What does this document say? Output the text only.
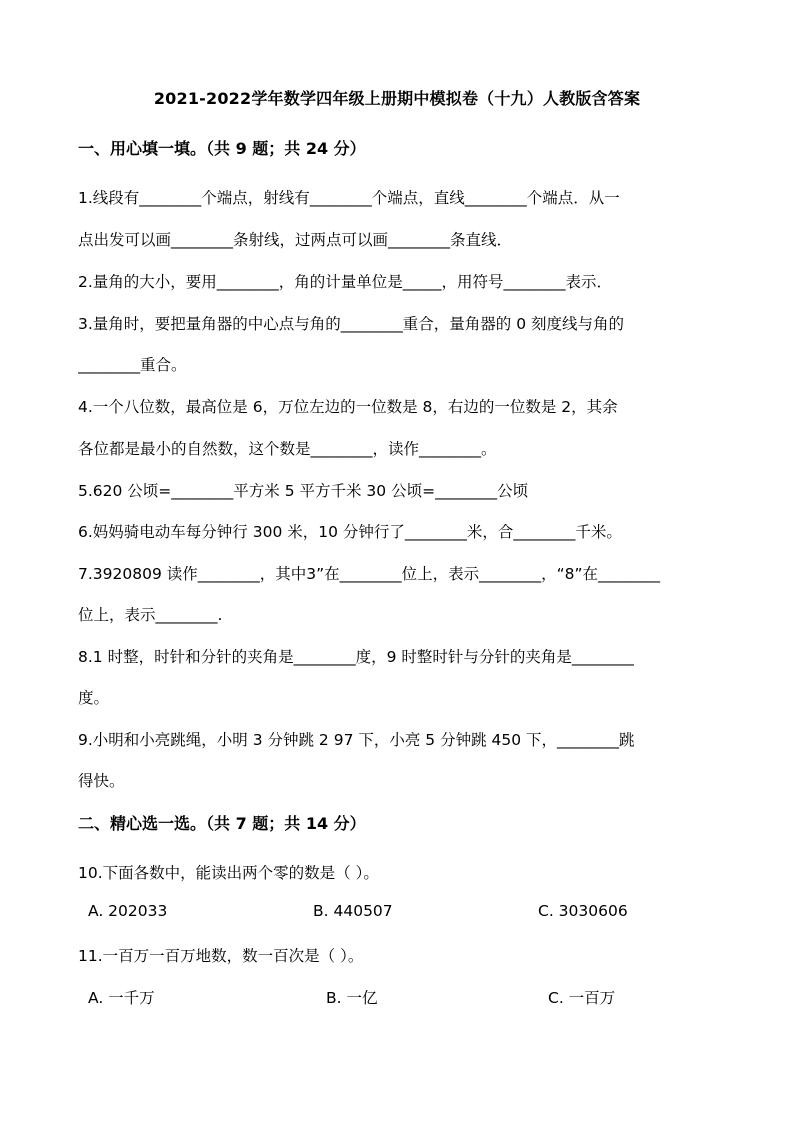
2021-2022学年数学四年级上册期中模拟卷（十九）人教版含答案
一、用心填一填。（共 9 题；共 24 分）
1.线段有________个端点，射线有________个端点，直线________个端点．从一
点出发可以画________条射线，过两点可以画________条直线．
2.量角的大小，要用________，角的计量单位是_____，用符号________表示．
3.量角时，要把量角器的中心点与角的________重合，量角器的 0 刻度线与角的
________重合。
4.一个八位数，最高位是 6，万位左边的一位数是 8，右边的一位数是 2，其余
各位都是最小的自然数，这个数是________，读作________。
5.620 公顷=________平方米 5 平方千米 30 公顷=________公顷
6.妈妈骑电动车每分钟行 300 米，10 分钟行了________米，合________千米。
7.3920809 读作________，其中3”在________位上，表示________，“8”在________
位上，表示________.
8.1 时整，时针和分针的夹角是________度，9 时整时针与分针的夹角是________
度。
9.小明和小亮跳绳，小明 3 分钟跳 2 97 下，小亮 5 分钟跳 450 下，________跳
得快。
二、精心选一选。（共 7 题；共 14 分）
10.下面各数中，能读出两个零的数是（ ）。
A. 202033	B. 440507	C. 3030606
11.一百万一百万地数，数一百次是（ ）。
A. 一千万	B. 一亿	C. 一百万
